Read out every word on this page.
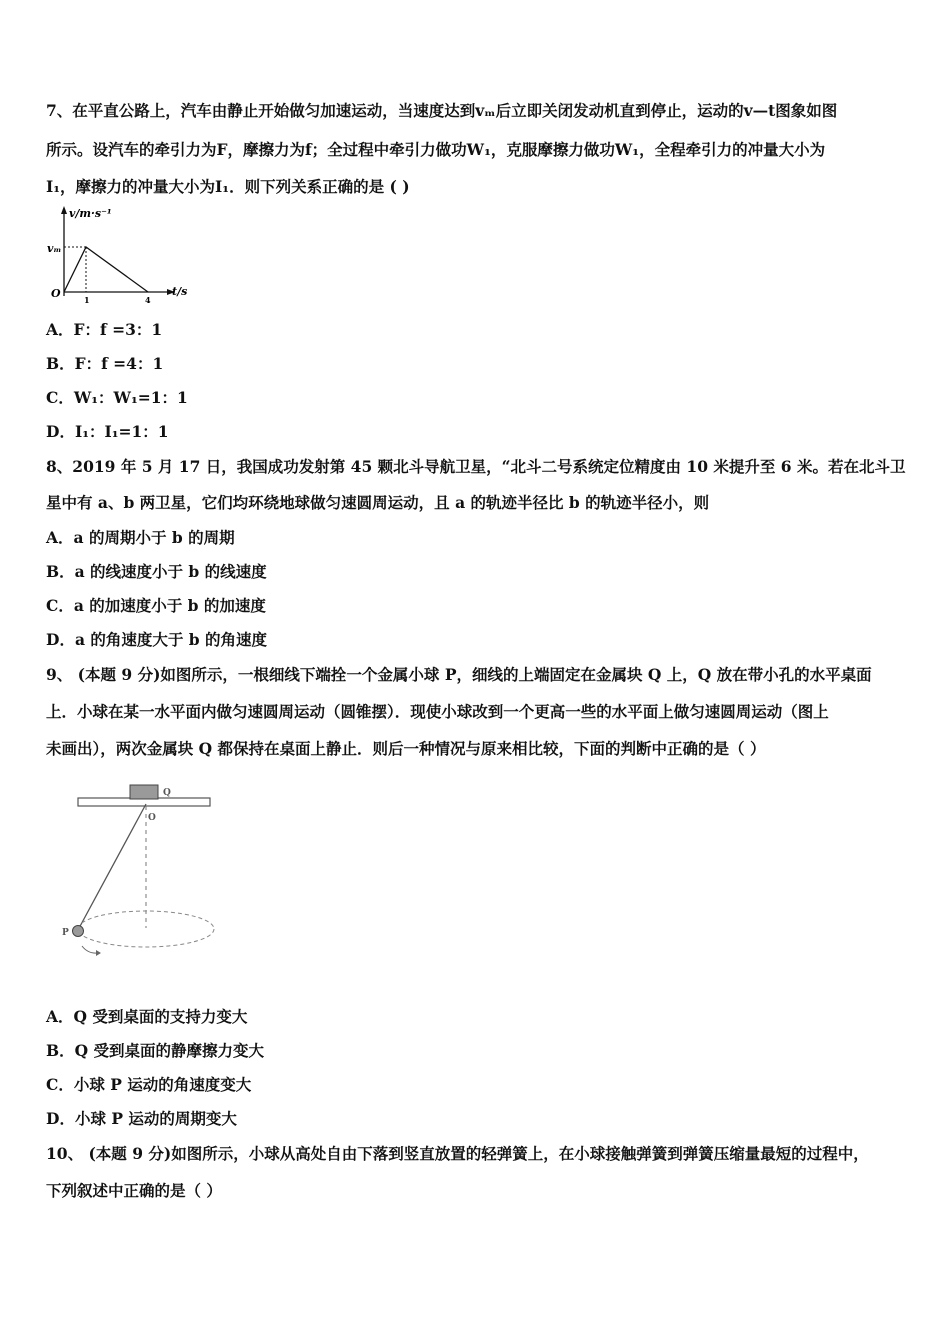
7、在平直公路上，汽车由静止开始做匀加速运动，当速度达到vₘ后立即关闭发动机直到停止，运动的v—t图象如图
所示。设汽车的牵引力为F，摩擦力为f；全过程中牵引力做功W₁，克服摩擦力做功W₁，全程牵引力的冲量大小为
I₁，摩擦力的冲量大小为I₁．则下列关系正确的是 ( )
v/m·s⁻¹
vₘ
O	t/s
1	4
A．F：f =3：1
B．F：f =4：1
C．W₁：W₁=1：1
D．I₁：I₁=1：1
8、2019 年 5 月 17 日，我国成功发射第 45 颗北斗导航卫星，“北斗二号系统定位精度由 10 米提升至 6 米。若在北斗卫
星中有 a、b 两卫星，它们均环绕地球做匀速圆周运动，且 a 的轨迹半径比 b 的轨迹半径小，则
A．a 的周期小于 b 的周期
B．a 的线速度小于 b 的线速度
C．a 的加速度小于 b 的加速度
D．a 的角速度大于 b 的角速度
9、 (本题 9 分)如图所示，一根细线下端拴一个金属小球 P，细线的上端固定在金属块 Q 上，Q 放在带小孔的水平桌面
上．小球在某一水平面内做匀速圆周运动（圆锥摆）．现使小球改到一个更高一些的水平面上做匀速圆周运动（图上
未画出），两次金属块 Q 都保持在桌面上静止．则后一种情况与原来相比较，下面的判断中正确的是（ ）
Q
O
P
A．Q 受到桌面的支持力变大
B．Q 受到桌面的静摩擦力变大
C．小球 P 运动的角速度变大
D．小球 P 运动的周期变大
10、 (本题 9 分)如图所示，小球从高处自由下落到竖直放置的轻弹簧上，在小球接触弹簧到弹簧压缩量最短的过程中，
下列叙述中正确的是（ ）
